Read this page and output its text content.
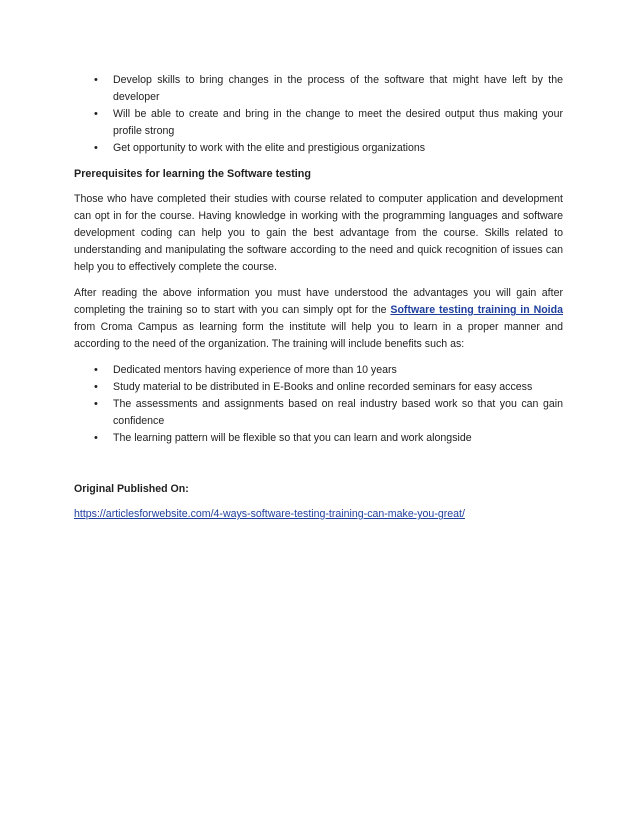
• Develop skills to bring changes in the process of the software that might have left by the developer
• Will be able to create and bring in the change to meet the desired output thus making your profile strong
• Get opportunity to work with the elite and prestigious organizations
Prerequisites for learning the Software testing

Those who have completed their studies with course related to computer application and development can opt in for the course. Having knowledge in working with the programming languages and software development coding can help you to gain the best advantage from the course. Skills related to understanding and manipulating the software according to the need and quick recognition of issues can help you to effectively complete the course.

After reading the above information you must have understood the advantages you will gain after completing the training so to start with you can simply opt for the Software testing training in Noida from Croma Campus as learning form the institute will help you to learn in a proper manner and according to the need of the organization. The training will include benefits such as:

• Dedicated mentors having experience of more than 10 years
• Study material to be distributed in E-Books and online recorded seminars for easy access
• The assessments and assignments based on real industry based work so that you can gain confidence
• The learning pattern will be flexible so that you can learn and work alongside
Original Published On:
https://articlesforwebsite.com/4-ways-software-testing-training-can-make-you-great/
